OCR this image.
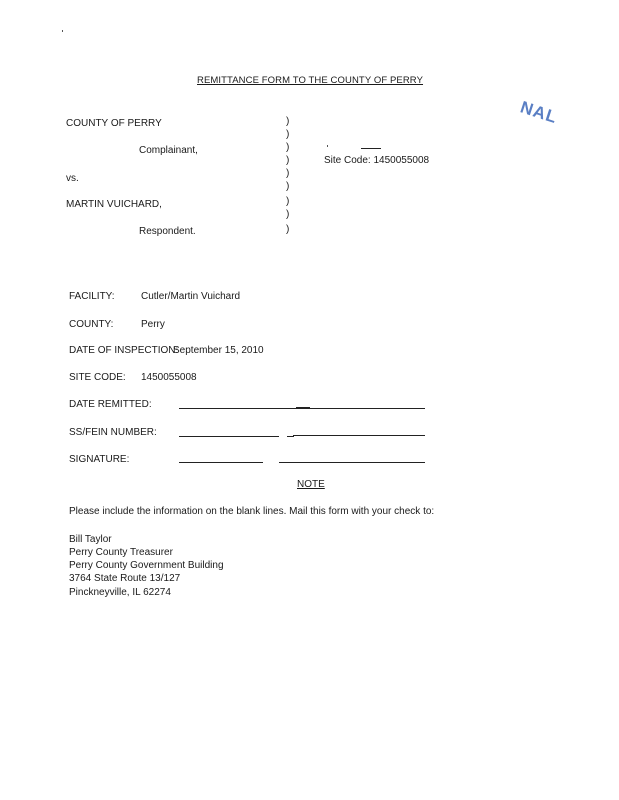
REMITTANCE FORM TO THE COUNTY OF PERRY
NAL
COUNTY OF PERRY
Complainant,
vs.
MARTIN VUICHARD,
Respondent.
)
)
)
)
)
)
)
)
)
Site Code: 1450055008
FACILITY:	Cutler/Martin Vuichard
COUNTY:	Perry
DATE OF INSPECTION:
September 15, 2010
SITE CODE: 1450055008
DATE REMITTED:
SS/FEIN NUMBER:
SIGNATURE:
NOTE
Please include the information on the blank lines. Mail this form with your check to:
Bill Taylor
Perry County Treasurer
Perry County Government Building
3764 State Route 13/127
Pinckneyville, IL 62274
